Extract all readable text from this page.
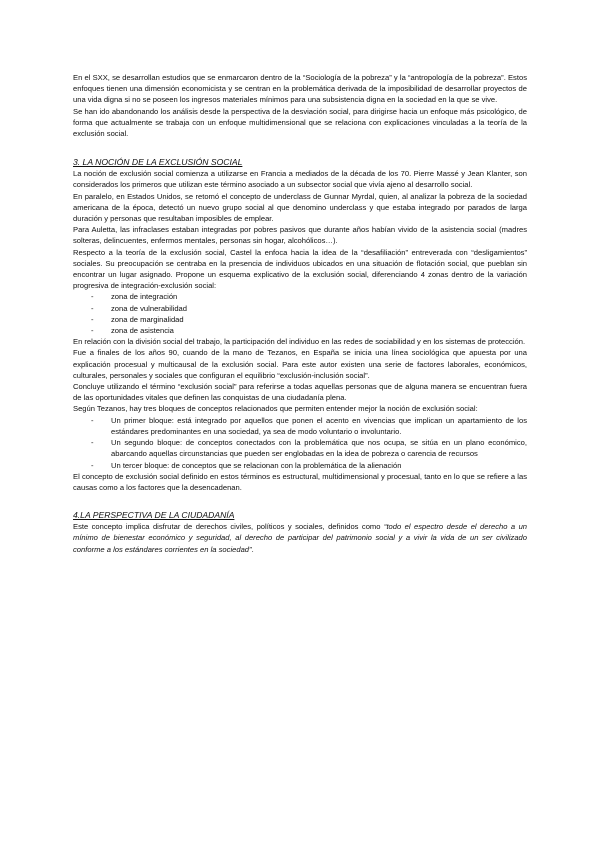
En el SXX, se desarrollan estudios que se enmarcaron dentro de la “Sociología de la pobreza” y la “antropología de la pobreza”. Estos enfoques tienen una dimensión economicista y se centran en la problemática derivada de la imposibilidad de desarrollar proyectos de una vida digna si no se poseen los ingresos materiales mínimos para una subsistencia digna en la sociedad en la que se vive.

Se han ido abandonando los análisis desde la perspectiva de la desviación social, para dirigirse hacia un enfoque más psicológico, de forma que actualmente se trabaja con un enfoque multidimensional que se relaciona con explicaciones vinculadas a la teoría de la exclusión social.

3. LA NOCIÓN DE LA EXCLUSIÓN SOCIAL

La noción de exclusión social comienza a utilizarse en Francia a mediados de la década de los 70. Pierre Massé y Jean Klanter, son considerados los primeros que utilizan este término asociado a un subsector social que vivía ajeno al desarrollo social.

En paralelo, en Estados Unidos, se retomó el concepto de underclass de Gunnar Myrdal, quien, al analizar la pobreza de la sociedad americana de la época, detectó un nuevo grupo social al que denomino underclass y que estaba integrado por parados de larga duración y personas que resultaban imposibles de emplear.

Para Auletta, las infraclases estaban integradas por pobres pasivos que durante años habían vivido de la asistencia social (madres solteras, delincuentes, enfermos mentales, personas sin hogar, alcohólicos…).

Respecto a la teoría de la exclusión social, Castel la enfoca hacia la idea de la “desafiliación” entreverada con “desligamientos” sociales. Su preocupación se centraba en la presencia de individuos ubicados en una situación de flotación social, que pueblan sin encontrar un lugar asignado. Propone un esquema explicativo de la exclusión social, diferenciando 4 zonas dentro de la variación progresiva de integración-exclusión social:

- zona de integración
- zona de vulnerabilidad
- zona de marginalidad
- zona de asistencia

En relación con la división social del trabajo, la participación del individuo en las redes de sociabilidad y en los sistemas de protección.

Fue a finales de los años 90, cuando de la mano de Tezanos, en España se inicia una línea sociológica que apuesta por una explicación procesual y multicausal de la exclusión social. Para este autor existen una serie de factores laborales, económicos, culturales, personales y sociales que configuran el equilibrio “exclusión-inclusión social”.

Concluye utilizando el término “exclusión social” para referirse a todas aquellas personas que de alguna manera se encuentran fuera de las oportunidades vitales que definen las conquistas de una ciudadanía plena.

Según Tezanos, hay tres bloques de conceptos relacionados que permiten entender mejor la noción de exclusión social:

- Un primer bloque: está integrado por aquellos que ponen el acento en vivencias que implican un apartamiento de los estándares predominantes en una sociedad, ya sea de modo voluntario o involuntario.
- Un segundo bloque: de conceptos conectados con la problemática que nos ocupa, se sitúa en un plano económico, abarcando aquellas circunstancias que pueden ser englobadas en la idea de pobreza o carencia de recursos
- Un tercer bloque: de conceptos que se relacionan con la problemática de la alienación

El concepto de exclusión social definido en estos términos es estructural, multidimensional y procesual, tanto en lo que se refiere a las causas como a los factores que la desencadenan.

4.LA PERSPECTIVA DE LA CIUDADANÍA

Este concepto implica disfrutar de derechos civiles, políticos y sociales, definidos como “todo el espectro desde el derecho a un mínimo de bienestar económico y seguridad, al derecho de participar del patrimonio social y a vivir la vida de un ser civilizado conforme a los estándares corrientes en la sociedad”.
